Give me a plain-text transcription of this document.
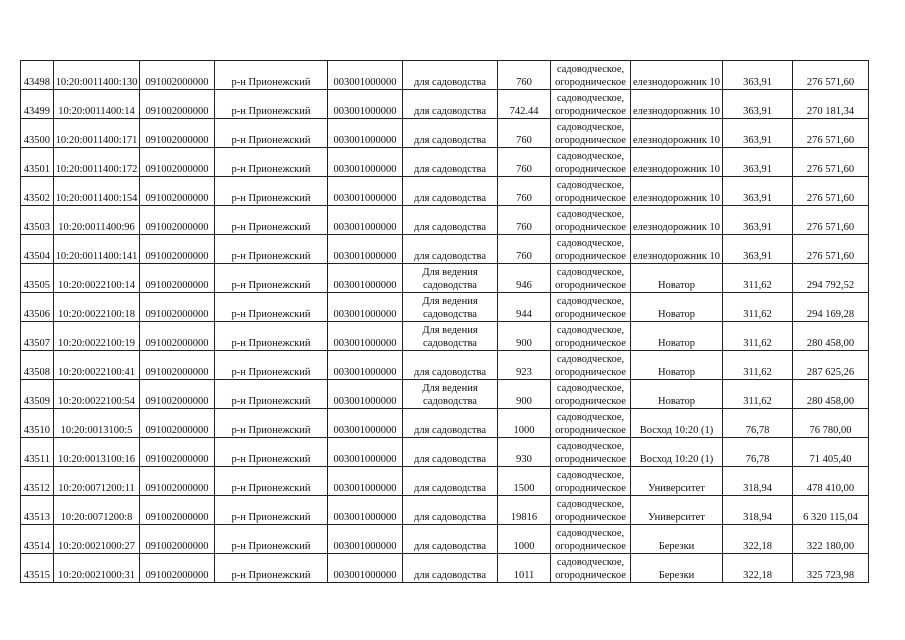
43498	10:20:0011400:130	091002000000	р-н Прионежский	003001000000	для садоводства	760	садоводческое, огородническое	елезнодорожник 10	363,91	276 571,60
43499	10:20:0011400:14	091002000000	р-н Прионежский	003001000000	для садоводства	742.44	садоводческое, огородническое	елезнодорожник 10	363,91	270 181,34
43500	10:20:0011400:171	091002000000	р-н Прионежский	003001000000	для садоводства	760	садоводческое, огородническое	елезнодорожник 10	363,91	276 571,60
43501	10:20:0011400:172	091002000000	р-н Прионежский	003001000000	для садоводства	760	садоводческое, огородническое	елезнодорожник 10	363,91	276 571,60
43502	10:20:0011400:154	091002000000	р-н Прионежский	003001000000	для садоводства	760	садоводческое, огородническое	елезнодорожник 10	363,91	276 571,60
43503	10:20:0011400:96	091002000000	р-н Прионежский	003001000000	для садоводства	760	садоводческое, огородническое	елезнодорожник 10	363,91	276 571,60
43504	10:20:0011400:141	091002000000	р-н Прионежский	003001000000	для садоводства	760	садоводческое, огородническое	елезнодорожник 10	363,91	276 571,60
43505	10:20:0022100:14	091002000000	р-н Прионежский	003001000000	Для ведения садоводства	946	садоводческое, огородническое	Новатор	311,62	294 792,52
43506	10:20:0022100:18	091002000000	р-н Прионежский	003001000000	Для ведения садоводства	944	садоводческое, огородническое	Новатор	311,62	294 169,28
43507	10:20:0022100:19	091002000000	р-н Прионежский	003001000000	Для ведения садоводства	900	садоводческое, огородническое	Новатор	311,62	280 458,00
43508	10:20:0022100:41	091002000000	р-н Прионежский	003001000000	для садоводства	923	садоводческое, огородническое	Новатор	311,62	287 625,26
43509	10:20:0022100:54	091002000000	р-н Прионежский	003001000000	Для ведения садоводства	900	садоводческое, огородническое	Новатор	311,62	280 458,00
43510	10:20:0013100:5	091002000000	р-н Прионежский	003001000000	для садоводства	1000	садоводческое, огородническое	Восход 10:20 (1)	76,78	76 780,00
43511	10:20:0013100:16	091002000000	р-н Прионежский	003001000000	для садоводства	930	садоводческое, огородническое	Восход 10:20 (1)	76,78	71 405,40
43512	10:20:0071200:11	091002000000	р-н Прионежский	003001000000	для садоводства	1500	садоводческое, огородническое	Университет	318,94	478 410,00
43513	10:20:0071200:8	091002000000	р-н Прионежский	003001000000	для садоводства	19816	садоводческое, огородническое	Университет	318,94	6 320 115,04
43514	10:20:0021000:27	091002000000	р-н Прионежский	003001000000	для садоводства	1000	садоводческое, огородническое	Березки	322,18	322 180,00
43515	10:20:0021000:31	091002000000	р-н Прионежский	003001000000	для садоводства	1011	садоводческое, огородническое	Березки	322,18	325 723,98
